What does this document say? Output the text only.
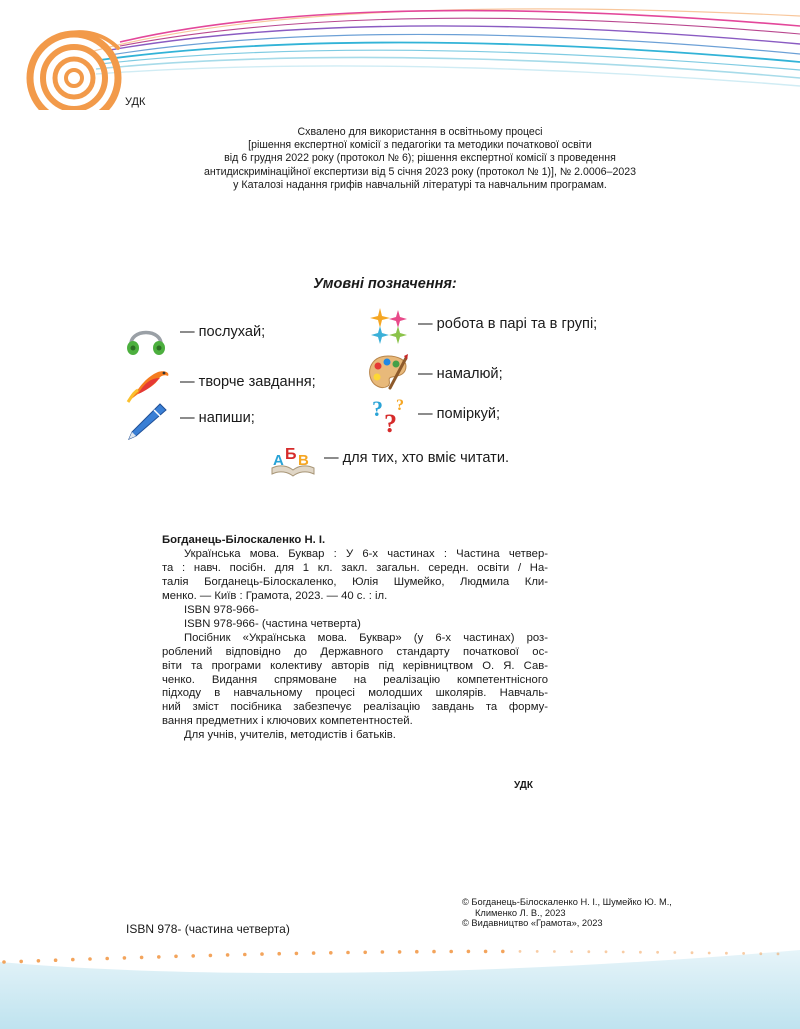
УДК
Схвалено для використання в освітньому процесі
[рішення експертної комісії з педагогіки та методики початкової освіти
від 6 грудня 2022 року (протокол № 6); рішення експертної комісії з проведення
антидискримінаційної експертизи від 5 січня 2023 року (протокол № 1)], № 2.0006–2023
у Каталозі надання грифів навчальній літературі та навчальним програмам.
Умовні позначення:
— послухай;	— робота в парі та в групі;
— творче завдання;	— намалюй;
— напиши;	?
?
? — поміркуй;
А Б В — для тих, хто вміє читати.
Богданець-Білоскаленко Н. І.
Українська мова. Буквар : У 6-х частинах : Частина четвер-
та : навч. посібн. для 1 кл. закл. загальн. середн. освіти / На-
талія Богданець-Білоскаленко, Юлія Шумейко, Людмила Кли-
менко. — Київ : Грамота, 2023. — 40 с. : іл.
ISBN 978-966-
ISBN 978-966- (частина четверта)
Посібник «Українська мова. Буквар» (у 6-х частинах) роз-
роблений відповідно до Державного стандарту початкової ос-
віти та програми колективу авторів під керівництвом О. Я. Сав-
ченко. Видання спрямоване на реалізацію компетентнісного
підходу в навчальному процесі молодших школярів. Навчаль-
ний зміст посібника забезпечує реалізацію завдань та форму-
вання предметних і ключових компетентностей.
Для учнів, учителів, методистів і батьків.
УДК
ISBN 978- (частина четверта)
© Богданець-Білоскаленко Н. І., Шумейко Ю. М.,
Клименко Л. В., 2023
© Видавництво «Грамота», 2023
